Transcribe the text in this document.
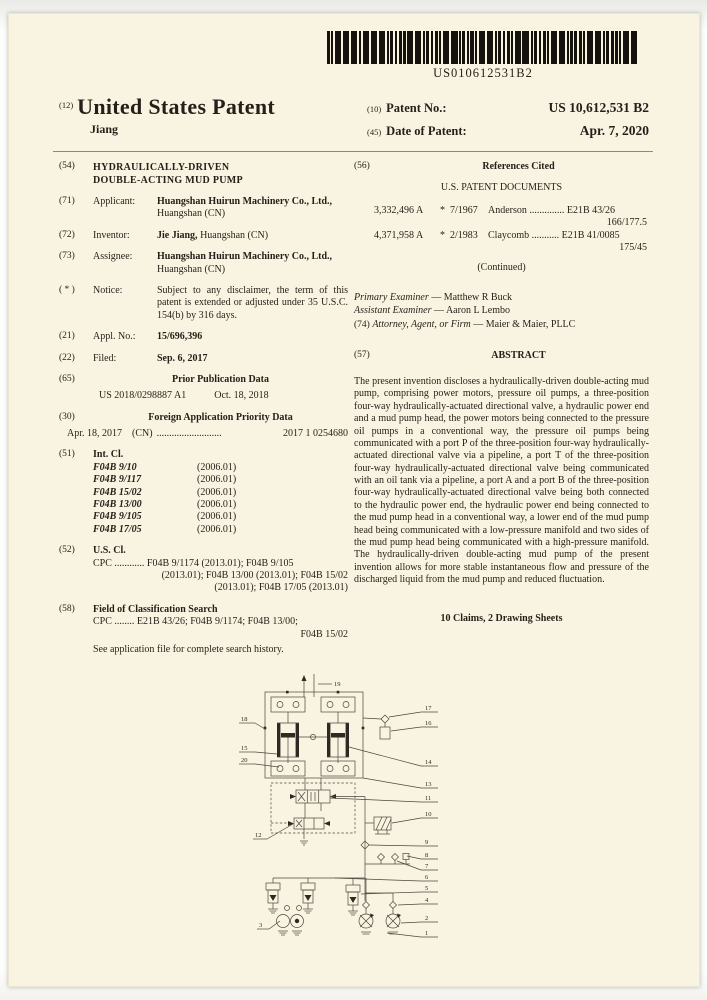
US010612531B2
$^{(12)}$ United States Patent
Jiang
(10) Patent No.:	US 10,612,531 B2
(45) Date of Patent:	Apr. 7, 2020
(54)	HYDRAULICALLY-DRIVEN
DOUBLE-ACTING MUD PUMP
(71)	Applicant:	Huangshan Huirun Machinery Co., Ltd., Huangshan (CN)
(72)	Inventor:	Jie Jiang, Huangshan (CN)
(73)	Assignee:	Huangshan Huirun Machinery Co., Ltd., Huangshan (CN)
( * )	Notice:	Subject to any disclaimer, the term of this patent is extended or adjusted under 35 U.S.C. 154(b) by 316 days.
(21)	Appl. No.:	15/696,396
(22)	Filed:	Sep. 6, 2017
(65)	Prior Publication Data
US 2018/0298887 A1	Oct. 18, 2018
(30)	Foreign Application Priority Data
Apr. 18, 2017 (CN) ..........................	2017 1 0254680
(51)	Int. Cl.
F04B 9/10	(2006.01)
F04B 9/117	(2006.01)
F04B 15/02	(2006.01)
F04B 13/00	(2006.01)
F04B 9/105	(2006.01)
F04B 17/05	(2006.01)
(52)	U.S. Cl.
CPC ............ F04B 9/1174 (2013.01); F04B 9/105
(2013.01); F04B 13/00 (2013.01); F04B 15/02
(2013.01); F04B 17/05 (2013.01)
(58)	Field of Classification Search
CPC ........ E21B 43/26; F04B 9/1174; F04B 13/00;
F04B 15/02
See application file for complete search history.
(56)	References Cited
U.S. PATENT DOCUMENTS
3,332,496 A	* 7/1967	Anderson .............. E21B 43/26
166/177.5
4,371,958 A	* 2/1983	Claycomb ........... E21B 41/0085
175/45
(Continued)
Primary Examiner — Matthew R Buck
Assistant Examiner — Aaron L Lembo
(74) Attorney, Agent, or Firm — Maier & Maier, PLLC
(57)	ABSTRACT
The present invention discloses a hydraulically-driven double-acting mud pump, comprising power motors, pressure oil pumps, a three-position four-way hydraulically-actuated directional valve, a hydraulic power end and a mud pump head, the power motors being connected to the pressure oil pumps in a conventional way, the pressure oil pumps being communicated with a port P of the three-position four-way hydraulically-actuated directional valve via a pipeline, a port T of the three-position four-way hydraulically-actuated directional valve being communicated with an oil tank via a pipeline, a port A and a port B of the three-position four-way hydraulically-actuated directional valve being both connected to the hydraulic power end, the hydraulic power end being connected to the mud pump head in a conventional way, a lower end of the mud pump head being communicated with a low-pressure manifold and two sides of the mud pump head being communicated with a high-pressure manifold. The hydraulically-driven double-acting mud pump of the present invention allows for more stable instantaneous flow and pressure of the discharged liquid from the mud pump and reduced fluctuation.
10 Claims, 2 Drawing Sheets
19
17
16
18
15
20	14
13
11
10
12
9
8
7
6
5
4
2
1
3
